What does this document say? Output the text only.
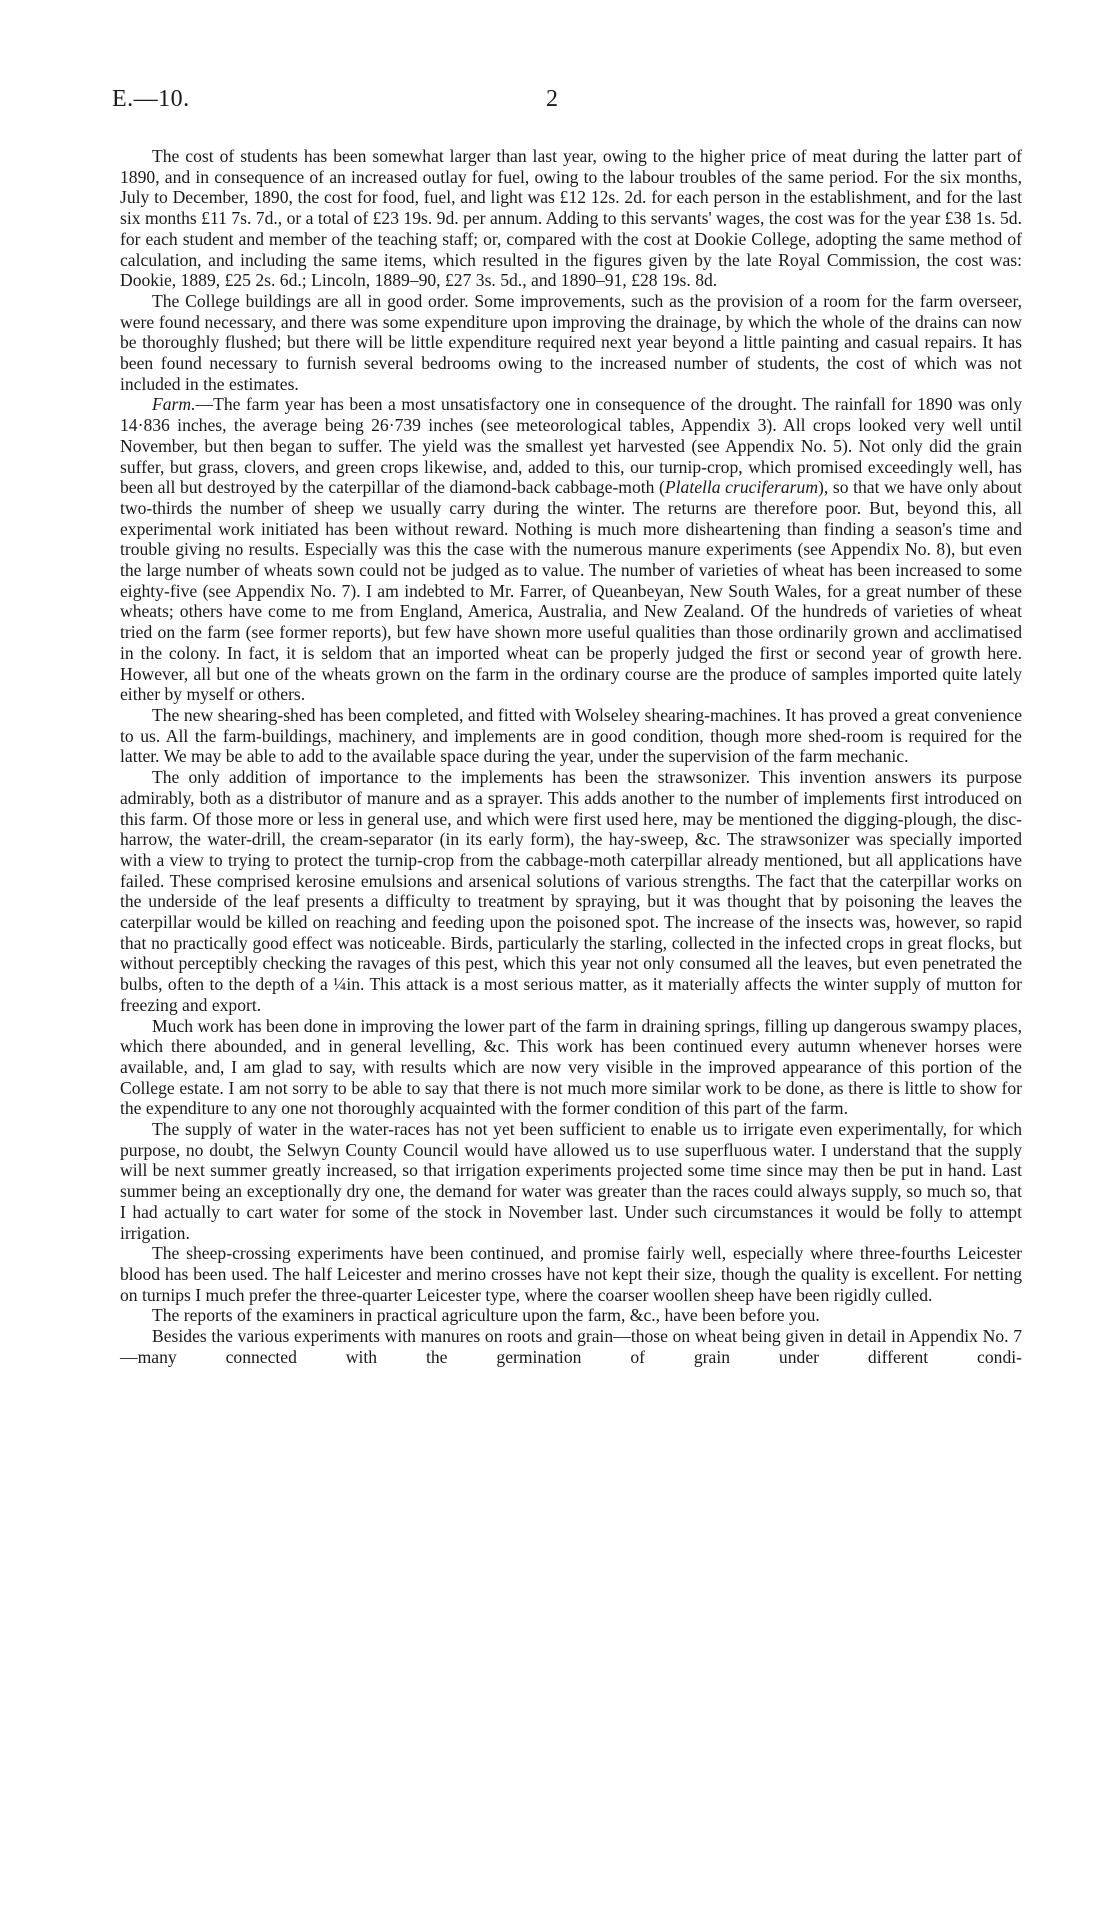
E.—10.	2

The cost of students has been somewhat larger than last year, owing to the higher price of meat during the latter part of 1890, and in consequence of an increased outlay for fuel, owing to the labour troubles of the same period. For the six months, July to December, 1890, the cost for food, fuel, and light was £12 12s. 2d. for each person in the establishment, and for the last six months £11 7s. 7d., or a total of £23 19s. 9d. per annum. Adding to this servants' wages, the cost was for the year £38 1s. 5d. for each student and member of the teaching staff; or, compared with the cost at Dookie College, adopting the same method of calculation, and including the same items, which resulted in the figures given by the late Royal Commission, the cost was: Dookie, 1889, £25 2s. 6d.; Lincoln, 1889–90, £27 3s. 5d., and 1890–91, £28 19s. 8d.

The College buildings are all in good order. Some improvements, such as the provision of a room for the farm overseer, were found necessary, and there was some expenditure upon improving the drainage, by which the whole of the drains can now be thoroughly flushed; but there will be little expenditure required next year beyond a little painting and casual repairs. It has been found necessary to furnish several bedrooms owing to the increased number of students, the cost of which was not included in the estimates.

Farm.—The farm year has been a most unsatisfactory one in consequence of the drought. The rainfall for 1890 was only 14·836 inches, the average being 26·739 inches (see meteorological tables, Appendix 3). All crops looked very well until November, but then began to suffer. The yield was the smallest yet harvested (see Appendix No. 5). Not only did the grain suffer, but grass, clovers, and green crops likewise, and, added to this, our turnip-crop, which promised exceedingly well, has been all but destroyed by the caterpillar of the diamond-back cabbage-moth (Platella cruciferarum), so that we have only about two-thirds the number of sheep we usually carry during the winter. The returns are therefore poor. But, beyond this, all experimental work initiated has been without reward. Nothing is much more disheartening than finding a season's time and trouble giving no results. Especially was this the case with the numerous manure experiments (see Appendix No. 8), but even the large number of wheats sown could not be judged as to value. The number of varieties of wheat has been increased to some eighty-five (see Appendix No. 7). I am indebted to Mr. Farrer, of Queanbeyan, New South Wales, for a great number of these wheats; others have come to me from England, America, Australia, and New Zealand. Of the hundreds of varieties of wheat tried on the farm (see former reports), but few have shown more useful qualities than those ordinarily grown and acclimatised in the colony. In fact, it is seldom that an imported wheat can be properly judged the first or second year of growth here. However, all but one of the wheats grown on the farm in the ordinary course are the produce of samples imported quite lately either by myself or others.

The new shearing-shed has been completed, and fitted with Wolseley shearing-machines. It has proved a great convenience to us. All the farm-buildings, machinery, and implements are in good condition, though more shed-room is required for the latter. We may be able to add to the available space during the year, under the supervision of the farm mechanic.

The only addition of importance to the implements has been the strawsonizer. This invention answers its purpose admirably, both as a distributor of manure and as a sprayer. This adds another to the number of implements first introduced on this farm. Of those more or less in general use, and which were first used here, may be mentioned the digging-plough, the disc-harrow, the water-drill, the cream-separator (in its early form), the hay-sweep, &c. The strawsonizer was specially imported with a view to trying to protect the turnip-crop from the cabbage-moth caterpillar already mentioned, but all applications have failed. These comprised kerosine emulsions and arsenical solutions of various strengths. The fact that the caterpillar works on the underside of the leaf presents a difficulty to treatment by spraying, but it was thought that by poisoning the leaves the caterpillar would be killed on reaching and feeding upon the poisoned spot. The increase of the insects was, however, so rapid that no practically good effect was noticeable. Birds, particularly the starling, collected in the infected crops in great flocks, but without perceptibly checking the ravages of this pest, which this year not only consumed all the leaves, but even penetrated the bulbs, often to the depth of a ¼in. This attack is a most serious matter, as it materially affects the winter supply of mutton for freezing and export.

Much work has been done in improving the lower part of the farm in draining springs, filling up dangerous swampy places, which there abounded, and in general levelling, &c. This work has been continued every autumn whenever horses were available, and, I am glad to say, with results which are now very visible in the improved appearance of this portion of the College estate. I am not sorry to be able to say that there is not much more similar work to be done, as there is little to show for the expenditure to any one not thoroughly acquainted with the former condition of this part of the farm.

The supply of water in the water-races has not yet been sufficient to enable us to irrigate even experimentally, for which purpose, no doubt, the Selwyn County Council would have allowed us to use superfluous water. I understand that the supply will be next summer greatly increased, so that irrigation experiments projected some time since may then be put in hand. Last summer being an exceptionally dry one, the demand for water was greater than the races could always supply, so much so, that I had actually to cart water for some of the stock in November last. Under such circumstances it would be folly to attempt irrigation.

The sheep-crossing experiments have been continued, and promise fairly well, especially where three-fourths Leicester blood has been used. The half Leicester and merino crosses have not kept their size, though the quality is excellent. For netting on turnips I much prefer the three-quarter Leicester type, where the coarser woollen sheep have been rigidly culled.

The reports of the examiners in practical agriculture upon the farm, &c., have been before you.

Besides the various experiments with manures on roots and grain—those on wheat being given in detail in Appendix No. 7—many connected with the germination of grain under different condi-
